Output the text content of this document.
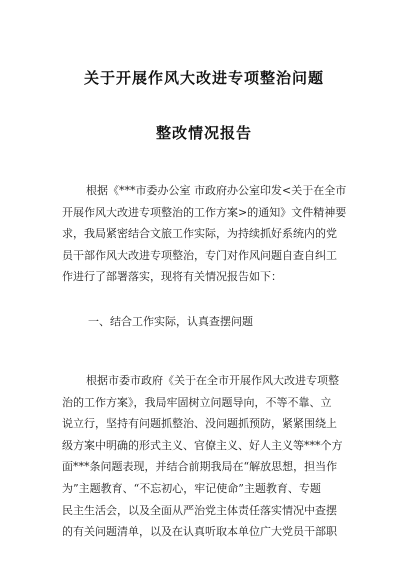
关于开展作风大改进专项整治问题
整改情况报告
根据《***市委办公室 市政府办公室印发<关于在全市
开展作风大改进专项整治的工作方案>的通知》文件精神要
求，我局紧密结合文旅工作实际，为持续抓好系统内的党
员干部作风大改进专项整治，专门对作风问题自查自纠工
作进行了部署落实，现将有关情况报告如下：
一、结合工作实际，认真查摆问题
根据市委市政府《关于在全市开展作风大改进专项整
治的工作方案》，我局牢固树立问题导向，不等不靠、立
说立行，坚持有问题抓整治、没问题抓预防，紧紧围绕上
级方案中明确的形式主义、官僚主义、好人主义等***个方
面***条问题表现，并结合前期我局在“解放思想，担当作
为”主题教育、“不忘初心，牢记使命”主题教育、专题
民主生活会，以及全面从严治党主体责任落实情况中查摆
的有关问题清单，以及在认真听取本单位广大党员干部职
